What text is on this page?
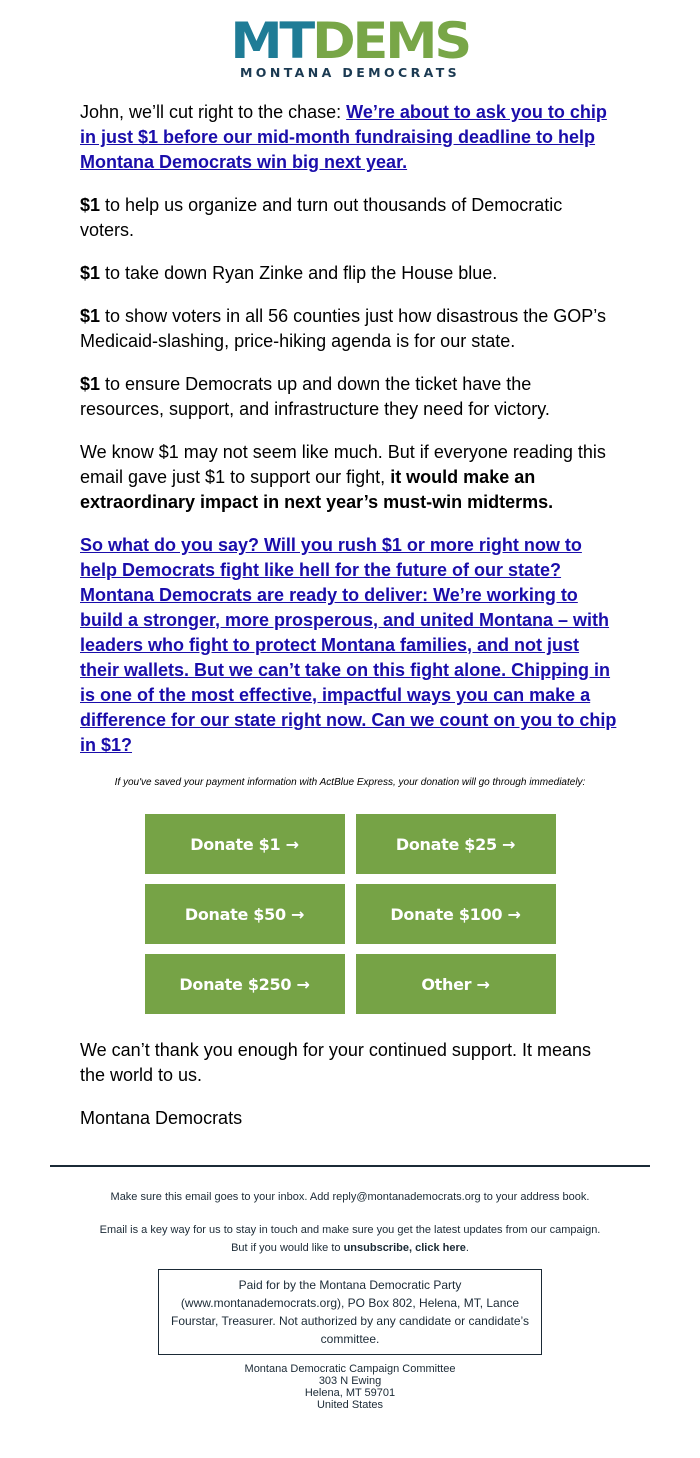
MTDEMS
MONTANA DEMOCRATS

John, we’ll cut right to the chase: We’re about to ask you to chip in just $1 before our mid-month fundraising deadline to help Montana Democrats win big next year.

$1 to help us organize and turn out thousands of Democratic voters.

$1 to take down Ryan Zinke and flip the House blue.

$1 to show voters in all 56 counties just how disastrous the GOP’s Medicaid-slashing, price-hiking agenda is for our state.

$1 to ensure Democrats up and down the ticket have the resources, support, and infrastructure they need for victory.

We know $1 may not seem like much. But if everyone reading this email gave just $1 to support our fight, it would make an extraordinary impact in next year’s must-win midterms.

So what do you say? Will you rush $1 or more right now to help Democrats fight like hell for the future of our state? Montana Democrats are ready to deliver: We’re working to build a stronger, more prosperous, and united Montana – with leaders who fight to protect Montana families, and not just their wallets. But we can’t take on this fight alone. Chipping in is one of the most effective, impactful ways you can make a difference for our state right now. Can we count on you to chip in $1?

If you've saved your payment information with ActBlue Express, your donation will go through immediately:

Donate $1 →	Donate $25 →
Donate $50 →	Donate $100 →
Donate $250 →	Other →

We can’t thank you enough for your continued support. It means the world to us.

Montana Democrats

Make sure this email goes to your inbox. Add reply@montanademocrats.org to your address book.

Email is a key way for us to stay in touch and make sure you get the latest updates from our campaign.

But if you would like to unsubscribe, click here.

Paid for by the Montana Democratic Party (www.montanademocrats.org), PO Box 802, Helena, MT, Lance Fourstar, Treasurer. Not authorized by any candidate or candidate’s committee.
Montana Democratic Campaign Committee
303 N Ewing
Helena, MT 59701
United States
